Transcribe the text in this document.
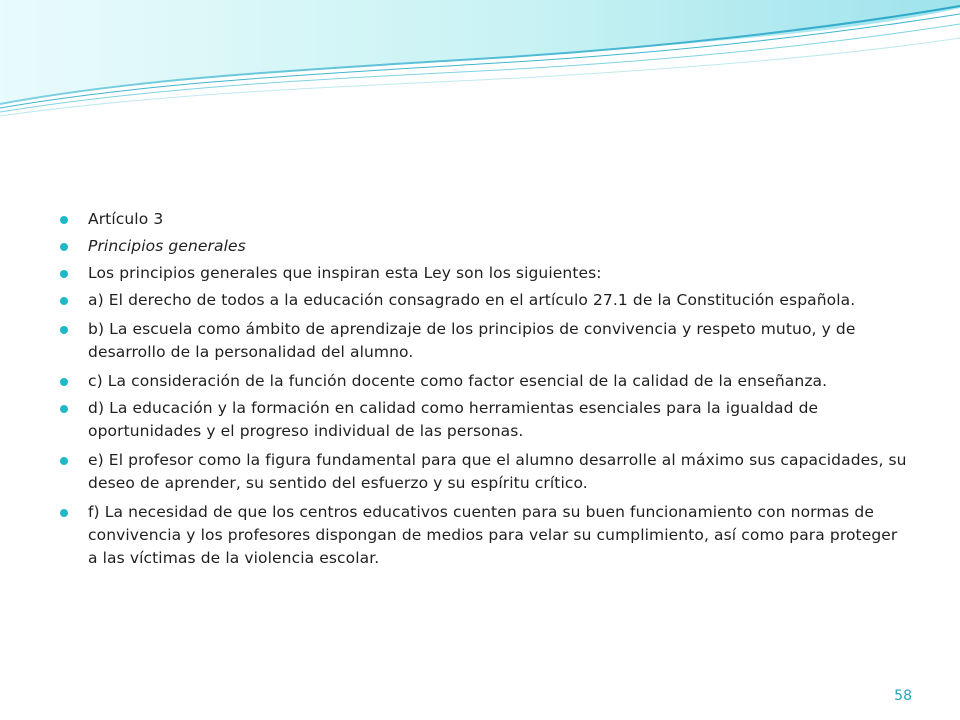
Artículo 3
Principios generales
Los principios generales que inspiran esta Ley son los siguientes:
a) El derecho de todos a la educación consagrado en el artículo 27.1 de la Constitución española.
b) La escuela como ámbito de aprendizaje de los principios de convivencia y respeto mutuo, y de desarrollo de la personalidad del alumno.
c) La consideración de la función docente como factor esencial de la calidad de la enseñanza.
d) La educación y la formación en calidad como herramientas esenciales para la igualdad de oportunidades y el progreso individual de las personas.
e) El profesor como la figura fundamental para que el alumno desarrolle al máximo sus capacidades, su deseo de aprender, su sentido del esfuerzo y su espíritu crítico.
f) La necesidad de que los centros educativos cuenten para su buen funcionamiento con normas de convivencia y los profesores dispongan de medios para velar su cumplimiento, así como para proteger a las víctimas de la violencia escolar.
58
